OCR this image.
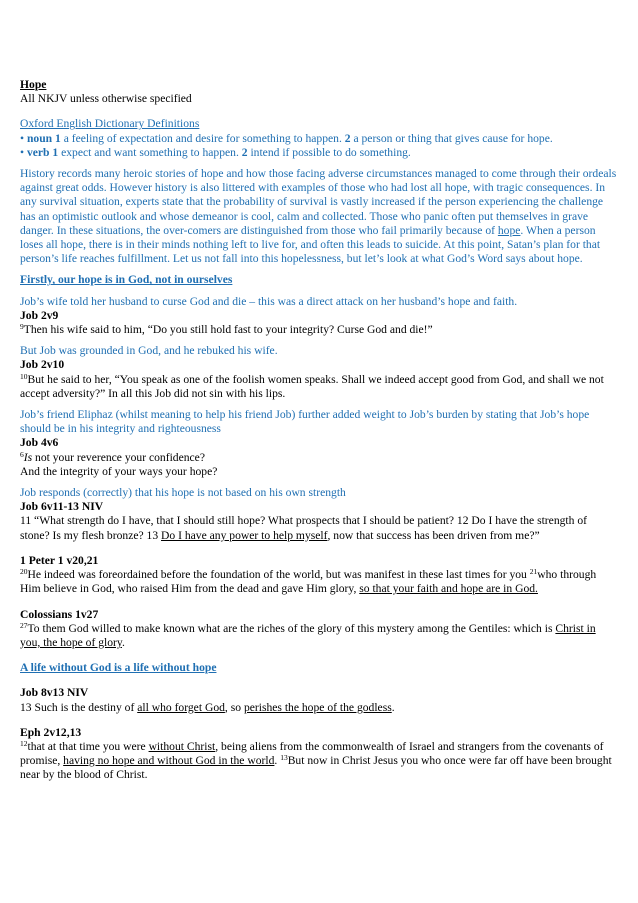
Hope

All NKJV unless otherwise specified

Oxford English Dictionary Definitions

• noun 1 a feeling of expectation and desire for something to happen. 2 a person or thing that gives cause for hope.

• verb 1 expect and want something to happen. 2 intend if possible to do something.

History records many heroic stories of hope and how those facing adverse circumstances managed to come through their ordeals against great odds. However history is also littered with examples of those who had lost all hope, with tragic consequences. In any survival situation, experts state that the probability of survival is vastly increased if the person experiencing the challenge has an optimistic outlook and whose demeanor is cool, calm and collected. Those who panic often put themselves in grave danger. In these situations, the over-comers are distinguished from those who fail primarily because of hope. When a person loses all hope, there is in their minds nothing left to live for, and often this leads to suicide. At this point, Satan’s plan for that person’s life reaches fulfillment. Let us not fall into this hopelessness, but let’s look at what God’s Word says about hope.

Firstly, our hope is in God, not in ourselves

Job’s wife told her husband to curse God and die – this was a direct attack on her husband’s hope and faith.

Job 2v9

$^9$Then his wife said to him, “Do you still hold fast to your integrity? Curse God and die!”

But Job was grounded in God, and he rebuked his wife.

Job 2v10

$^{10}$But he said to her, “You speak as one of the foolish women speaks. Shall we indeed accept good from God, and shall we not accept adversity?” In all this Job did not sin with his lips.

Job’s friend Eliphaz (whilst meaning to help his friend Job) further added weight to Job’s burden by stating that Job’s hope should be in his integrity and righteousness

Job 4v6

$^6$Is not your reverence your confidence?

And the integrity of your ways your hope?

Job responds (correctly) that his hope is not based on his own strength

Job 6v11-13 NIV

11 “What strength do I have, that I should still hope? What prospects that I should be patient? 12 Do I have the strength of stone? Is my flesh bronze? 13 Do I have any power to help myself, now that success has been driven from me?”

1 Peter 1 v20,21

$^{20}$He indeed was foreordained before the foundation of the world, but was manifest in these last times for you $^{21}$who through Him believe in God, who raised Him from the dead and gave Him glory, so that your faith and hope are in God.

Colossians 1v27

$^{27}$To them God willed to make known what are the riches of the glory of this mystery among the Gentiles: which is Christ in you, the hope of glory.

A life without God is a life without hope

Job 8v13 NIV

13 Such is the destiny of all who forget God, so perishes the hope of the godless.

Eph 2v12,13

$^{12}$that at that time you were without Christ, being aliens from the commonwealth of Israel and strangers from the covenants of promise, having no hope and without God in the world. $^{13}$But now in Christ Jesus you who once were far off have been brought near by the blood of Christ.
